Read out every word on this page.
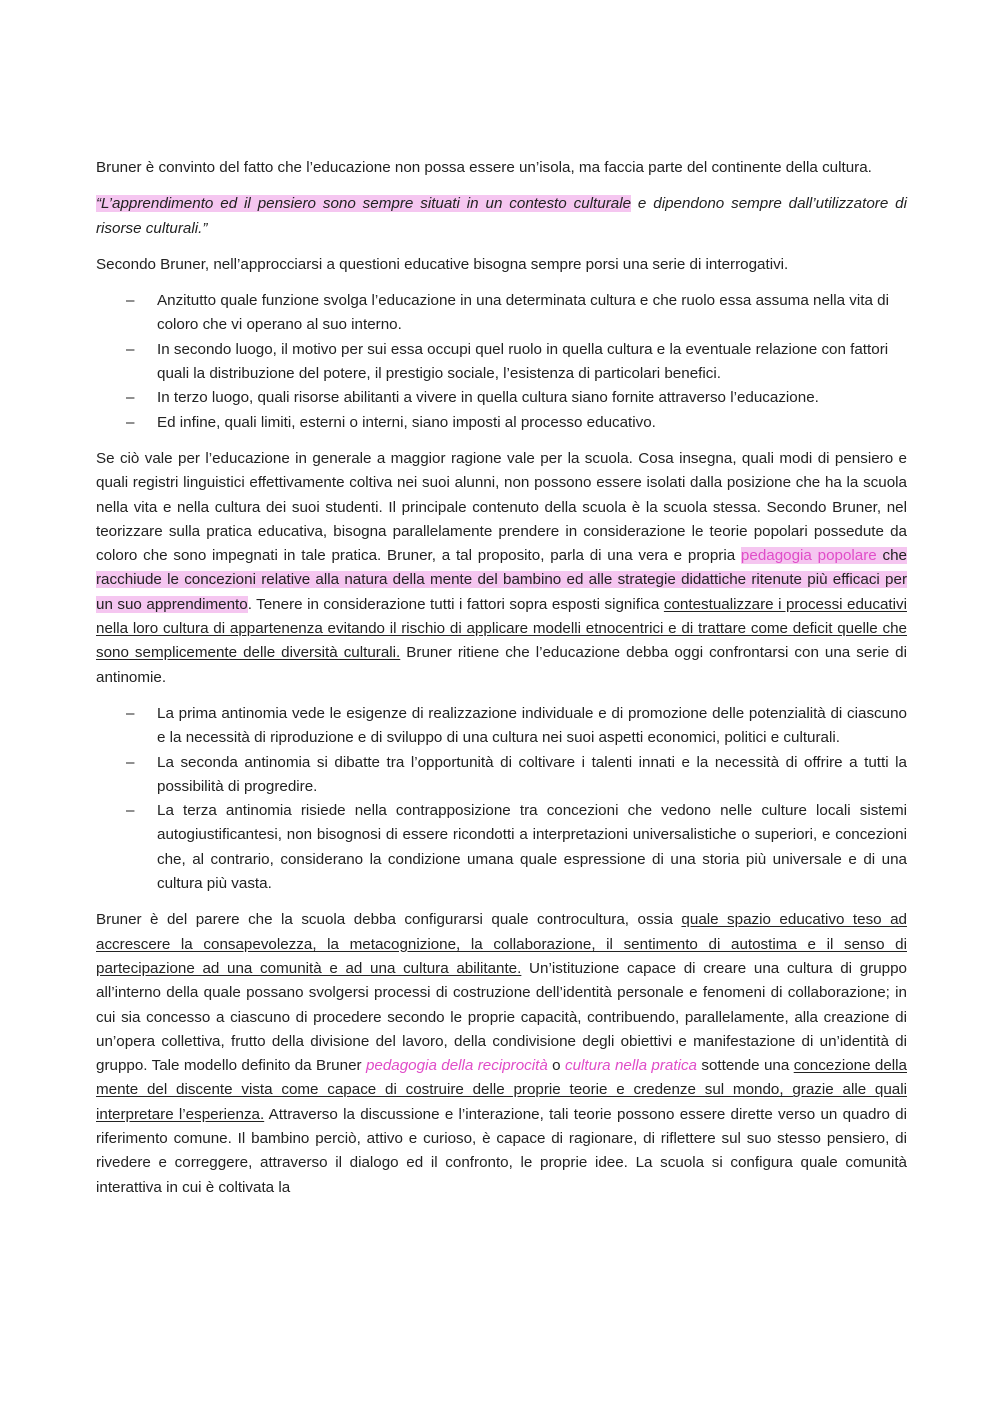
Bruner è convinto del fatto che l’educazione non possa essere un’isola, ma faccia parte del continente della cultura.

“L’apprendimento ed il pensiero sono sempre situati in un contesto culturale e dipendono sempre dall’utilizzatore di risorse culturali.”

Secondo Bruner, nell’approcciarsi a questioni educative bisogna sempre porsi una serie di interrogativi.

– Anzitutto quale funzione svolga l’educazione in una determinata cultura e che ruolo essa assuma nella vita di coloro che vi operano al suo interno.
– In secondo luogo, il motivo per sui essa occupi quel ruolo in quella cultura e la eventuale relazione con fattori quali la distribuzione del potere, il prestigio sociale, l’esistenza di particolari benefici.
– In terzo luogo, quali risorse abilitanti a vivere in quella cultura siano fornite attraverso l’educazione.
– Ed infine, quali limiti, esterni o interni, siano imposti al processo educativo.

Se ciò vale per l’educazione in generale a maggior ragione vale per la scuola. Cosa insegna, quali modi di pensiero e quali registri linguistici effettivamente coltiva nei suoi alunni, non possono essere isolati dalla posizione che ha la scuola nella vita e nella cultura dei suoi studenti. Il principale contenuto della scuola è la scuola stessa. Secondo Bruner, nel teorizzare sulla pratica educativa, bisogna parallelamente prendere in considerazione le teorie popolari possedute da coloro che sono impegnati in tale pratica. Bruner, a tal proposito, parla di una vera e propria pedagogia popolare che racchiude le concezioni relative alla natura della mente del bambino ed alle strategie didattiche ritenute più efficaci per un suo apprendimento. Tenere in considerazione tutti i fattori sopra esposti significa contestualizzare i processi educativi nella loro cultura di appartenenza evitando il rischio di applicare modelli etnocentrici e di trattare come deficit quelle che sono semplicemente delle diversità culturali. Bruner ritiene che l’educazione debba oggi confrontarsi con una serie di antinomie.

– La prima antinomia vede le esigenze di realizzazione individuale e di promozione delle potenzialità di ciascuno e la necessità di riproduzione e di sviluppo di una cultura nei suoi aspetti economici, politici e culturali.
– La seconda antinomia si dibatte tra l’opportunità di coltivare i talenti innati e la necessità di offrire a tutti la possibilità di progredire.
– La terza antinomia risiede nella contrapposizione tra concezioni che vedono nelle culture locali sistemi autogiustificantesi, non bisognosi di essere ricondotti a interpretazioni universalistiche o superiori, e concezioni che, al contrario, considerano la condizione umana quale espressione di una storia più universale e di una cultura più vasta.

Bruner è del parere che la scuola debba configurarsi quale controcultura, ossia quale spazio educativo teso ad accrescere la consapevolezza, la metacognizione, la collaborazione, il sentimento di autostima e il senso di partecipazione ad una comunità e ad una cultura abilitante. Un’istituzione capace di creare una cultura di gruppo all’interno della quale possano svolgersi processi di costruzione dell’identità personale e fenomeni di collaborazione; in cui sia concesso a ciascuno di procedere secondo le proprie capacità, contribuendo, parallelamente, alla creazione di un’opera collettiva, frutto della divisione del lavoro, della condivisione degli obiettivi e manifestazione di un’identità di gruppo. Tale modello definito da Bruner pedagogia della reciprocità o cultura nella pratica sottende una concezione della mente del discente vista come capace di costruire delle proprie teorie e credenze sul mondo, grazie alle quali interpretare l’esperienza. Attraverso la discussione e l’interazione, tali teorie possono essere dirette verso un quadro di riferimento comune. Il bambino perciò, attivo e curioso, è capace di ragionare, di riflettere sul suo stesso pensiero, di rivedere e correggere, attraverso il dialogo ed il confronto, le proprie idee. La scuola si configura quale comunità interattiva in cui è coltivata la
